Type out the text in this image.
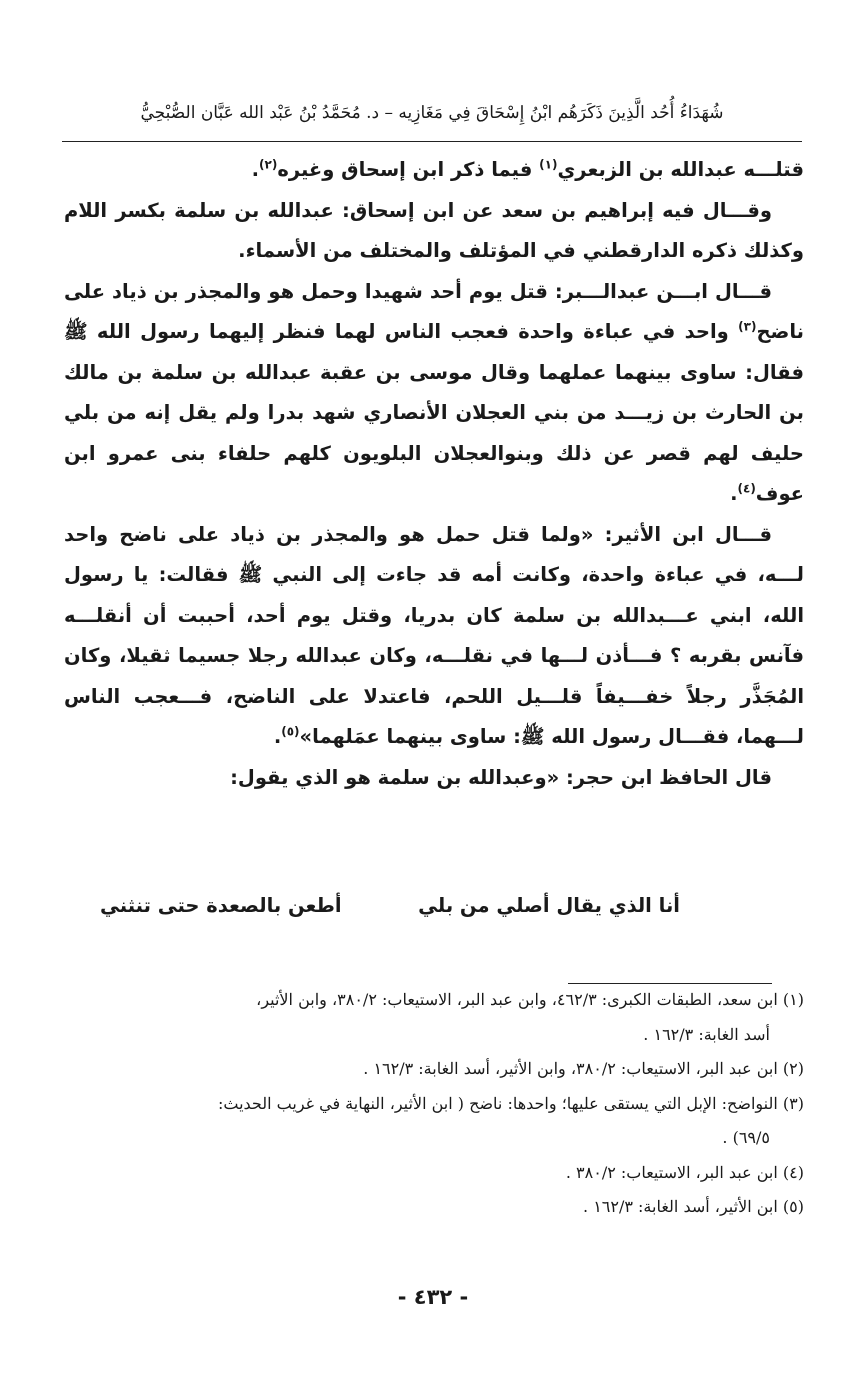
شُهَدَاءُ أُحُد الَّذِينَ ذَكَرَهُم ابْنُ إِسْحَاقَ فِي مَغَازِيه – د. مُحَمَّدُ بْنُ عَبْد الله عَبَّان الصُّبْحِيُّ

قتلـــه عبدالله بن الزبعري$^{(١)}$ فيما ذكر ابن إسحاق وغيره$^{(٢)}$.

وقـــال فيه إبراهيم بن سعد عن ابن إسحاق: عبدالله بن سلمة بكسر اللام وكذلك ذكره الدارقطني في المؤتلف والمختلف من الأسماء.

قـــال ابـــن عبدالـــبر: قتل يوم أحد شهيدا وحمل هو والمجذر بن ذياد على ناضح$^{(٣)}$ واحد في عباءة واحدة فعجب الناس لهما فنظر إليهما رسول الله ﷺ فقال: ساوى بينهما عملهما وقال موسى بن عقبة عبدالله بن سلمة بن مالك بن الحارث بن زيـــد من بني العجلان الأنصاري شهد بدرا ولم يقل إنه من بلي حليف لهم قصر عن ذلك وبنوالعجلان البلويون كلهم حلفاء بنى عمرو ابن عوف$^{(٤)}$.

قـــال ابن الأثير: «ولما قتل حمل هو والمجذر بن ذياد على ناضح واحد لـــه، في عباءة واحدة، وكانت أمه قد جاءت إلى النبي ﷺ فقالت: يا رسول الله، ابني عـــبدالله بن سلمة كان بدريا، وقتل يوم أحد، أحببت أن أنقلـــه فآنس بقربه ؟ فـــأذن لـــها في نقلـــه، وكان عبدالله رجلا جسيما ثقيلا، وكان المُجَذَّر رجلاً خفـــيفاً قلـــيل اللحم، فاعتدلا على الناضح، فـــعجب الناس لـــهما، فقـــال رسول الله ﷺ: ساوى بينهما عمَلهما»$^{(٥)}$.

قال الحافظ ابن حجر: «وعبدالله بن سلمة هو الذي يقول:

أنا الذي يقال أصلي من بلي
أطعن بالصعدة حتى تنثني

(١) ابن سعد، الطبقات الكبرى: ٤٦٢/٣، وابن عبد البر، الاستيعاب: ٣٨٠/٢، وابن الأثير،

أسد الغابة: ١٦٢/٣ .

(٢) ابن عبد البر، الاستيعاب: ٣٨٠/٢، وابن الأثير، أسد الغابة: ١٦٢/٣ .

(٣) النواضح: الإبل التي يستقى عليها؛ واحدها: ناضح ( ابن الأثير، النهاية في غريب الحديث:

٦٩/٥) .

(٤) ابن عبد البر، الاستيعاب: ٣٨٠/٢ .

(٥) ابن الأثير، أسد الغابة: ١٦٢/٣ .

- ٤٣٢ -
